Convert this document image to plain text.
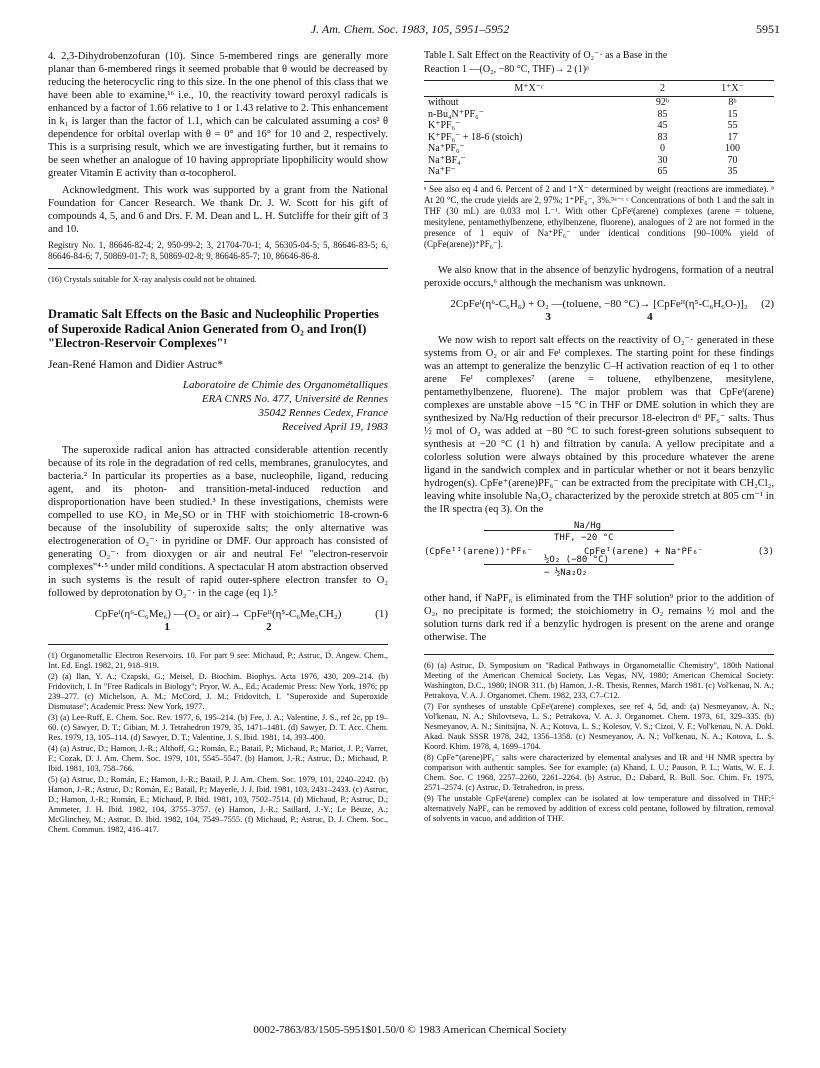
J. Am. Chem. Soc. 1983, 105, 5951–5952	5951

4. 2,3-Dihydrobenzofuran (10). Since 5-membered rings are generally more planar than 6-membered rings it seemed probable that θ would be decreased by reducing the heterocyclic ring to this size. In the one phenol of this class that we have been able to examine,¹⁶ i.e., 10, the reactivity toward peroxyl radicals is enhanced by a factor of 1.66 relative to 1 or 1.43 relative to 2. This enhancement in k₁ is larger than the factor of 1.1, which can be calculated assuming a cos² θ dependence for orbital overlap with θ = 0° and 16° for 10 and 2, respectively. This is a surprising result, which we are investigating further, but it remains to be seen whether an analogue of 10 having appropriate lipophilicity would show greater Vitamin E activity than α-tocopherol.

Acknowledgment. This work was supported by a grant from the National Foundation for Cancer Research. We thank Dr. J. W. Scott for his gift of compounds 4, 5, and 6 and Drs. F. M. Dean and L. H. Sutcliffe for their gift of 3 and 10.

Registry No. 1, 86646-82-4; 2, 950-99-2; 3, 21704-70-1; 4, 56305-04-5; 5, 86646-83-5; 6, 86646-84-6; 7, 50869-01-7; 8, 50869-02-8; 9, 86646-85-7; 10, 86646-86-8.

(16) Crystals suitable for X-ray analysis could not be obtained.

Dramatic Salt Effects on the Basic and Nucleophilic Properties of Superoxide Radical Anion Generated from O₂ and Iron(I) "Electron-Reservoir Complexes"¹
Jean-René Hamon and Didier Astruc*
Laboratoire de Chimie des Organométalliques
ERA CNRS No. 477, Université de Rennes
35042 Rennes Cedex, France
Received April 19, 1983

The superoxide radical anion has attracted considerable attention recently because of its role in the degradation of red cells, membranes, granulocytes, and bacteria.² In particular its properties as a base, nucleophile, ligand, reducing agent, and its photon- and transition-metal-induced reduction and disproportionation have been studied.³ In these investigations, chemists were compelled to use KO₂ in Me₂SO or in THF with stoichiometric 18-crown-6 because of the insolubility of superoxide salts; the only alternative was electrogeneration of O₂⁻· in pyridine or DMF. Our approach has consisted of generating O₂⁻· from dioxygen or air and neutral Feᴵ "electron-reservoir complexes"⁴·⁵ under mild conditions. A spectacular H atom abstraction observed in such systems is the result of rapid outer-sphere electron transfer to O₂ followed by deprotonation by O₂⁻· in the cage (eq 1).⁵

CpFeᴵ(η⁶-C₆Me₆) —(O₂ or air)→ CpFeᴵᴵ(η⁵-C₆Me₅CH₂)
1                                   2
(1)

(1) Organometallic Electron Reservoirs. 10. For part 9 see: Michaud, P.; Astruc, D. Angew. Chem., Int. Ed. Engl. 1982, 21, 918–919.

(2) (a) Ilan, Y. A.; Czapski, G.; Meisel, D. Biochim. Biophys. Acta 1976, 430, 209–214. (b) Fridovitch, I. In "Free Radicals in Biology"; Pryor, W. A., Ed.; Academic Press: New York, 1976; pp 239–277. (c) Michelson, A. M.; McCord, J. M.; Fridovitch, I. "Superoxide and Superoxide Dismutase"; Academic Press: New York, 1977.

(3) (a) Lee-Ruff, E. Chem. Soc. Rev. 1977, 6, 195–214. (b) Fee, J. A.; Valentine, J. S., ref 2c, pp 19–60. (c) Sawyer, D. T.; Gibian, M. J. Tetrahedron 1979, 35, 1471–1481. (d) Sawyer, D. T. Acc. Chem. Res. 1979, 13, 105–114. (d) Sawyer, D. T.; Valentine, J. S. Ibid. 1981, 14, 393–400.

(4) (a) Astruc, D.; Hamon, J.-R.; Althoff, G.; Román, E.; Batail, P.; Michaud, P.; Mariot, J. P.; Varret, F.; Cozak, D. J. Am. Chem. Soc. 1979, 101, 5545–5547. (b) Hamon, J.-R.; Astruc, D.; Michaud, P. Ibid. 1981, 103, 758–766.

(5) (a) Astruc, D.; Román, E.; Hamon, J.-R.; Batail, P. J. Am. Chem. Soc. 1979, 101, 2240–2242. (b) Hamon, J.-R.; Astruc, D.; Román, E.; Batail, P.; Mayerle, J. J. Ibid. 1981, 103, 2431–2433. (c) Astruc, D.; Hamon, J.-R.; Román, E.; Michaud, P. Ibid. 1981, 103, 7502–7514. (d) Michaud, P.; Astruc, D.; Ammeter, J. H. Ibid. 1982, 104, 3755–3757. (e) Hamon, J.-R.; Saillard, J.-Y.; Le Beuze, A.; McGlinchey, M.; Astruc, D. Ibid. 1982, 104, 7549–7555. (f) Michaud, P.; Astruc, D. J. Chem. Soc., Chem. Commun. 1982, 416–417.

Table I. Salt Effect on the Reactivity of O₂⁻· as a Base in the
Reaction 1 —(O₂, −80 °C, THF)→ 2 (1)ᵃ
M⁺X⁻ᶜ	2	1⁺X⁻
without	92ᵇ	8ᵇ
n-Bu₄N⁺PF₆⁻	85	15
K⁺PF₆⁻	45	55
K⁺PF₆⁻ + 18-6 (stoich)	83	17
Na⁺PF₆⁻	0	100
Na⁺BF₄⁻	30	70
Na⁺F⁻	65	35
ᵃ See also eq 4 and 6. Percent of 2 and 1⁺X⁻ determined by weight (reactions are immediate). ᵇ At 20 °C, the crude yields are 2, 97%; 1⁺PF₆⁻, 3%.⁵ᵃ⁻ᶜ ᶜ Concentrations of both 1 and the salt in THF (30 mL) are 0.033 mol L⁻¹. With other CpFeᴵ(arene) complexes (arene = toluene, mesitylene, pentamethylbenzene, ethylbenzene, fluorene), analogues of 2 are not formed in the presence of 1 equiv of Na⁺PF₆⁻ under identical conditions [90–100% yield of (CpFe(arene))⁺PF₆⁻].

We also know that in the absence of benzylic hydrogens, formation of a neutral peroxide occurs,⁶ although the mechanism was unknown.

2CpFeᴵ(η⁶-C₆H₆) + O₂ —(toluene, −80 °C)→ [CpFeᴵᴵ(η⁵-C₆H₆O-)]₂
3                                   4
(2)

We now wish to report salt effects on the reactivity of O₂⁻· generated in these systems from O₂ or air and Feᴵ complexes. The starting point for these findings was an attempt to generalize the benzylic C–H activation reaction of eq 1 to other arene Feᴵ complexes⁷ (arene = toluene, ethylbenzene, mesitylene, pentamethylbenzene, fluorene). The major problem was that CpFeᴵ(arene) complexes are unstable above −15 °C in THF or DME solution in which they are synthesized by Na/Hg reduction of their precursor 18-electron d⁶ PF₆⁻ salts. Thus ½ mol of O₂ was added at −80 °C to such forest-green solutions subsequent to synthesis at −20 °C (1 h) and filtration by canula. A yellow precipitate and a colorless solution were always obtained by this procedure whatever the arene ligand in the sandwich complex and in particular whether or not it bears benzylic hydrogen(s). CpFe⁺(arene)PF₆⁻ can be extracted from the precipitate with CH₂Cl₂, leaving white insoluble Na₂O₂ characterized by the peroxide stretch at 805 cm⁻¹ in the IR spectra (eq 3). On the

Na/Hg
THF, −20 °C
(CpFeᴵᴵ(arene))⁺PF₆⁻	CpFeᴵ(arene) + Na⁺PF₆⁻	(3)
½O₂ (−80 °C)
− ½Na₂O₂

other hand, if NaPF₆ is eliminated from the THF solution⁹ prior to the addition of O₂, no precipitate is formed; the stoichiometry in O₂ remains ½ mol and the solution turns dark red if a benzylic hydrogen is present on the arene and orange otherwise. The

(6) (a) Astruc, D. Symposium on "Radical Pathways in Organometallic Chemistry", 180th National Meeting of the American Chemical Society, Las Vegas, NV, 1980; American Chemical Society: Washington, D.C., 1980; INOR 311. (b) Hamon, J.-R. Thesis, Rennes, March 1981. (c) Vol'kenau, N. A.; Petrakova, V. A. J. Organomet. Chem. 1982, 233, C7–C12.

(7) For syntheses of unstable CpFeᴵ(arene) complexes, see ref 4, 5d, and: (a) Nesmeyanov, A. N.; Vol'kenau, N. A.; Shilovtseva, L. S.; Petrakova, V. A. J. Organomet. Chem. 1973, 61, 329–335. (b) Nesmeyanov, A. N.; Sinitsijna, N. A.; Kotova, L. S.; Kolesov, V. S.; Cizoi, V. F.; Vol'kenau, N. A. Dokl. Akad. Nauk SSSR 1978, 242, 1356–1358. (c) Nesmeyanov, A. N.; Vol'kenau, N. A.; Kotova, L. S. Koord. Khim. 1978, 4, 1699–1704.

(8) CpFe⁺(arene)PF₆⁻ salts were characterized by elemental analyses and IR and ¹H NMR spectra by comparison with authentic samples. See for example: (a) Khand, I. U.; Pauson, P. L.; Watts, W. E. J. Chem. Soc. C 1968, 2257–2260, 2261–2264. (b) Astruc, D.; Dabard, R. Bull. Soc. Chim. Fr. 1975, 2571–2574. (c) Astruc, D. Tetrahedron, in press.

(9) The unstable CpFeᴵ(arene) complex can be isolated at low temperature and dissolved in THF;⁵ alternatively NaPF₆ can be removed by addition of excess cold pentane, followed by filtration, removal of solvents in vacuo, and addition of THF.

0002-7863/83/1505-5951$01.50/0 © 1983 American Chemical Society
